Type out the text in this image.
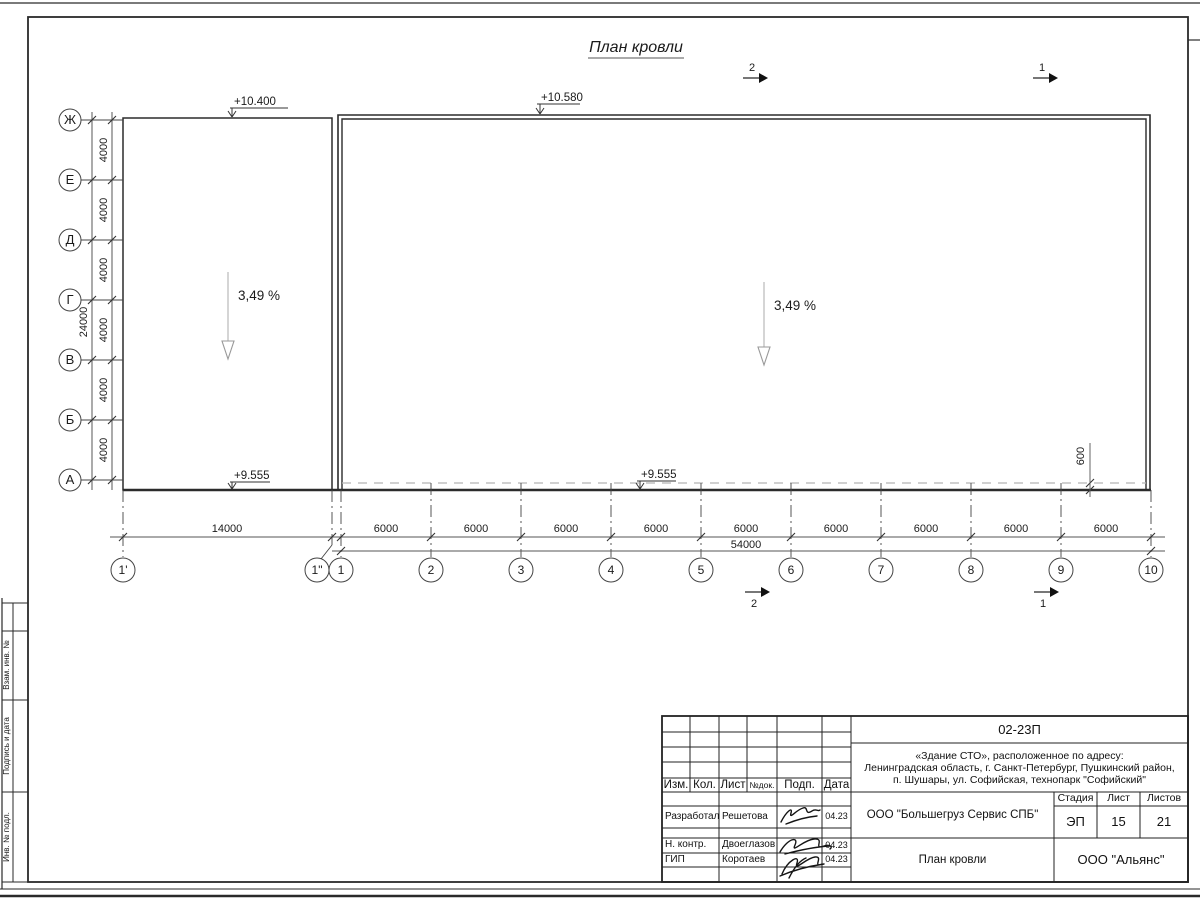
Взам. инв. №
Подпись и дата
Инв. № подл.
План кровли
Ж
Е
Д
Г
В
Б
А
4000
4000
4000
4000
4000
4000
24000
14000	6000	6000	6000	6000	6000	6000	6000	6000	6000
54000
1'	1" 1	2	3	4	5	6	7	8	9	10
+10.400	+10.580
+9.555	+9.555
3,49 %
3,49 %
600
2	1
2	1
02-23П
«Здание СТО», расположенное по адресу:
Ленинградская область, г. Санкт-Петербург, Пушкинский район,
п. Шушары, ул. Софийская, технопарк "Софийский"
ООО "Большегруз Сервис СПБ"
Стадия	Лист	Листов
ЭП	15	21
План кровли	ООО "Альянс"
Изм. Кол. Лист №док. Подп. Дата
Разработал Решетова	04.23
Н. контр.	Двоеглазов	04.23
ГИП	Коротаев	04.23
